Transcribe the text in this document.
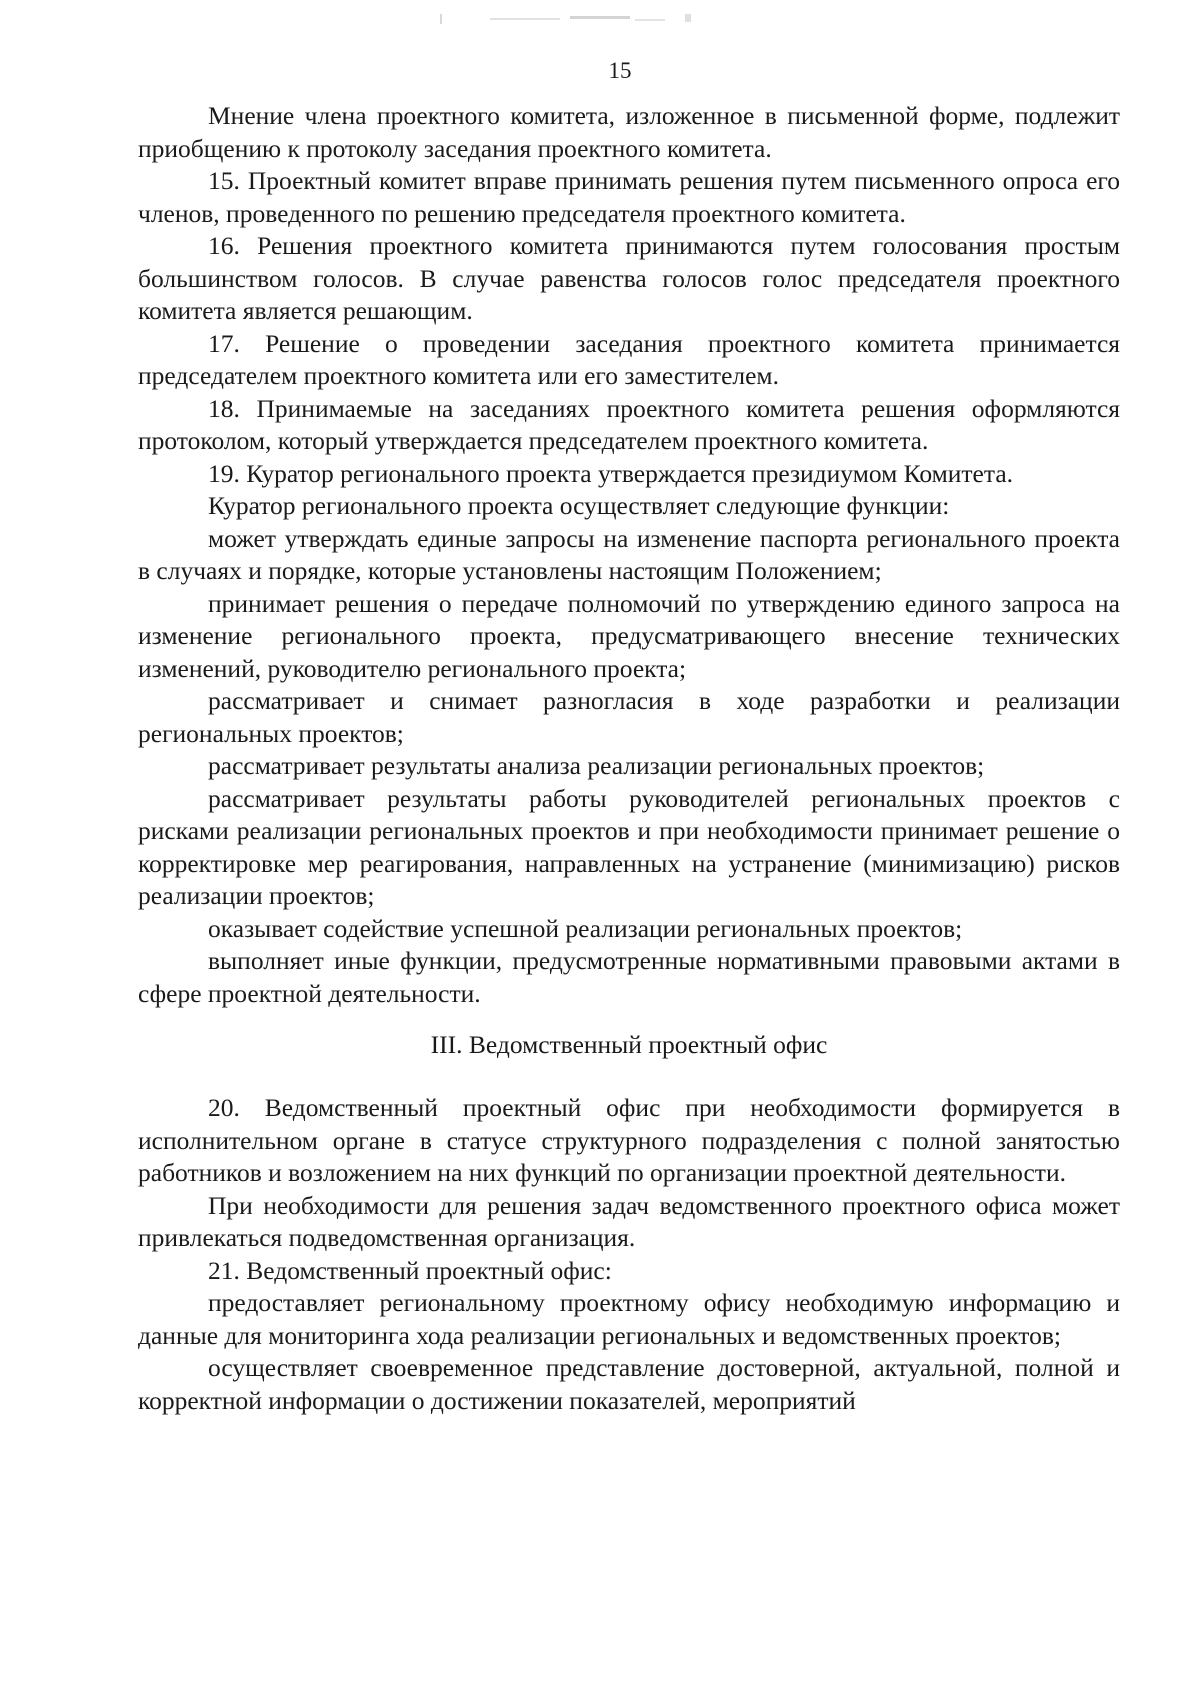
15

Мнение члена проектного комитета, изложенное в письменной форме, подлежит приобщению к протоколу заседания проектного комитета.

15. Проектный комитет вправе принимать решения путем письменного опроса его членов, проведенного по решению председателя проектного комитета.

16. Решения проектного комитета принимаются путем голосования простым большинством голосов. В случае равенства голосов голос председателя проектного комитета является решающим.

17. Решение о проведении заседания проектного комитета принимается председателем проектного комитета или его заместителем.

18. Принимаемые на заседаниях проектного комитета решения оформляются протоколом, который утверждается председателем проектного комитета.

19. Куратор регионального проекта утверждается президиумом Комитета.

Куратор регионального проекта осуществляет следующие функции:

может утверждать единые запросы на изменение паспорта регионального проекта в случаях и порядке, которые установлены настоящим Положением;

принимает решения о передаче полномочий по утверждению единого запроса на изменение регионального проекта, предусматривающего внесение технических изменений, руководителю регионального проекта;

рассматривает и снимает разногласия в ходе разработки и реализации региональных проектов;

рассматривает результаты анализа реализации региональных проектов;

рассматривает результаты работы руководителей региональных проектов с рисками реализации региональных проектов и при необходимости принимает решение о корректировке мер реагирования, направленных на устранение (минимизацию) рисков реализации проектов;

оказывает содействие успешной реализации региональных проектов;

выполняет иные функции, предусмотренные нормативными правовыми актами в сфере проектной деятельности.

III. Ведомственный проектный офис

20. Ведомственный проектный офис при необходимости формируется в исполнительном органе в статусе структурного подразделения с полной занятостью работников и возложением на них функций по организации проектной деятельности.

При необходимости для решения задач ведомственного проектного офиса может привлекаться подведомственная организация.

21. Ведомственный проектный офис:

предоставляет региональному проектному офису необходимую информацию и данные для мониторинга хода реализации региональных и ведомственных проектов;

осуществляет своевременное представление достоверной, актуальной, полной и корректной информации о достижении показателей, мероприятий
